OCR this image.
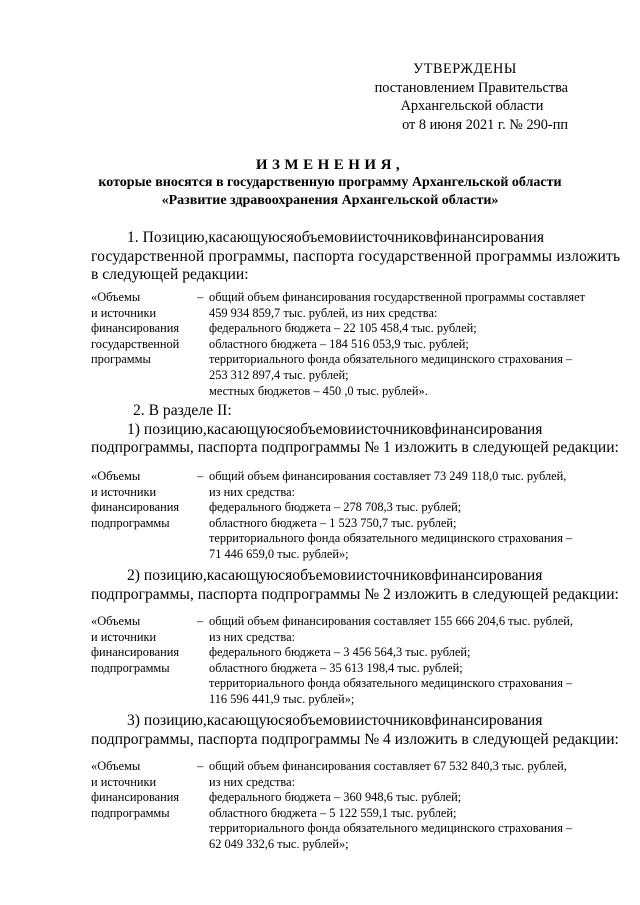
УТВЕРЖДЕНЫ
постановлением Правительства
Архангельской области
от 8 июня 2021 г. № 290-пп
ИЗМЕНЕНИЯ,
которые вносятся в государственную программу Архангельской области
«Развитие здравоохранения Архангельской области»
1. Позицию,касающуюсяобъемовиисточниковфинансирования
государственной программы, паспорта государственной программы изложить
в следующей редакции:
«Объемы
и источники
финансирования
государственной
программы
– общий объем финансирования государственной программы составляет
459 934 859,7 тыс. рублей, из них средства:
федерального бюджета – 22 105 458,4 тыс. рублей;
областного бюджета – 184 516 053,9 тыс. рублей;
территориального фонда обязательного медицинского страхования –
253 312 897,4 тыс. рублей;
местных бюджетов – 450 ,0 тыс. рублей».
2. В разделе II:
1) позицию,касающуюсяобъемовиисточниковфинансирования
подпрограммы, паспорта подпрограммы № 1 изложить в следующей редакции:
«Объемы
и источники
финансирования
подпрограммы
– общий объем финансирования составляет 73 249 118,0 тыс. рублей,
из них средства:
федерального бюджета – 278 708,3 тыс. рублей;
областного бюджета – 1 523 750,7 тыс. рублей;
территориального фонда обязательного медицинского страхования –
71 446 659,0 тыс. рублей»;
2) позицию,касающуюсяобъемовиисточниковфинансирования
подпрограммы, паспорта подпрограммы № 2 изложить в следующей редакции:
«Объемы
и источники
финансирования
подпрограммы
– общий объем финансирования составляет 155 666 204,6 тыс. рублей,
из них средства:
федерального бюджета – 3 456 564,3 тыс. рублей;
областного бюджета – 35 613 198,4 тыс. рублей;
территориального фонда обязательного медицинского страхования –
116 596 441,9 тыс. рублей»;
3) позицию,касающуюсяобъемовиисточниковфинансирования
подпрограммы, паспорта подпрограммы № 4 изложить в следующей редакции:
«Объемы
и источники
финансирования
подпрограммы
– общий объем финансирования составляет 67 532 840,3 тыс. рублей,
из них средства:
федерального бюджета – 360 948,6 тыс. рублей;
областного бюджета – 5 122 559,1 тыс. рублей;
территориального фонда обязательного медицинского страхования –
62 049 332,6 тыс. рублей»;
